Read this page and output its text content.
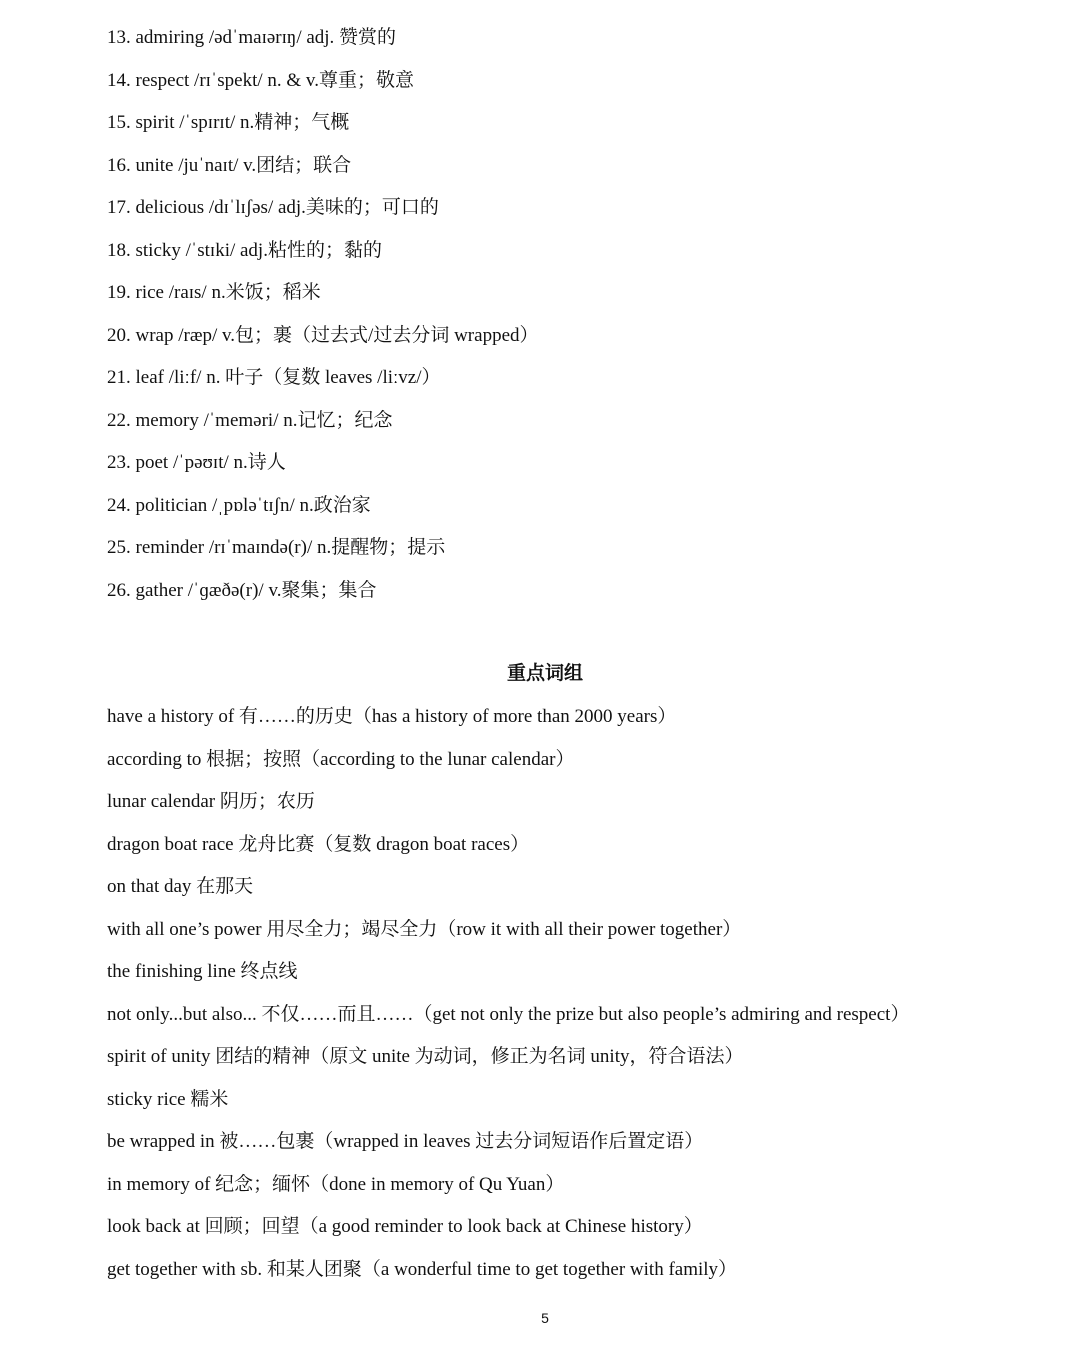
13. admiring /ədˈmaɪərɪŋ/ adj. 赞赏的
14. respect /rɪˈspekt/ n. & v.尊重；敬意
15. spirit /ˈspɪrɪt/ n.精神；气概
16. unite /juˈnaɪt/ v.团结；联合
17. delicious /dɪˈlɪʃəs/ adj.美味的；可口的
18. sticky /ˈstɪki/ adj.粘性的；黏的
19. rice /raɪs/ n.米饭；稻米
20. wrap /ræp/ v.包；裹（过去式/过去分词 wrapped）
21. leaf /liːf/ n. 叶子（复数 leaves /liːvz/）
22. memory /ˈmeməri/ n.记忆；纪念
23. poet /ˈpəʊɪt/ n.诗人
24. politician /ˌpɒləˈtɪʃn/ n.政治家
25. reminder /rɪˈmaɪndə(r)/ n.提醒物；提示
26. gather /ˈɡæðə(r)/ v.聚集；集合
重点词组
have a history of 有……的历史（has a history of more than 2000 years）
according to 根据；按照（according to the lunar calendar）
lunar calendar 阴历；农历
dragon boat race 龙舟比赛（复数 dragon boat races）
on that day 在那天
with all one’s power 用尽全力；竭尽全力（row it with all their power together）
the finishing line 终点线
not only...but also... 不仅……而且……（get not only the prize but also people’s admiring and respect）
spirit of unity 团结的精神（原文 unite 为动词，修正为名词 unity，符合语法）
sticky rice 糯米
be wrapped in 被……包裹（wrapped in leaves 过去分词短语作后置定语）
in memory of 纪念；缅怀（done in memory of Qu Yuan）
look back at 回顾；回望（a good reminder to look back at Chinese history）
get together with sb. 和某人团聚（a wonderful time to get together with family）
5
